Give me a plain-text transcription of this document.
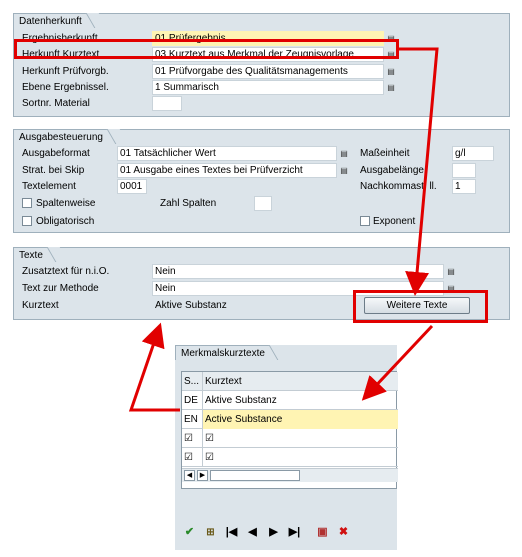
Datenherkunft
Ergebnisherkunft	01 Prüfergebnis	▤
Herkunft Kurztext	03 Kurztext aus Merkmal der Zeugnisvorlage	▤
Herkunft Prüfvorgb.	01 Prüfvorgabe des Qualitätsmanagements	▤
Ebene Ergebnissel.	1 Summarisch	▤
Sortnr. Material
Ausgabesteuerung
Ausgabeformat	01 Tatsächlicher Wert	▤
Strat. bei Skip	01 Ausgabe eines Textes bei Prüfverzicht	▤
Textelement	0001
Spaltenweise	Zahl Spalten
Obligatorisch
Maßeinheit	g/l
Ausgabelänge
Nachkommast  ll.	1
Exponent
Texte
Zusatztext für n.i.O.	Nein	▤
Text zur Methode	Nein	▤
Kurztext	Aktive Substanz	Weitere Texte
Merkmalskurztexte
S... Kurztext
DE Aktive Substanz
EN Active Substance
☑	☑
☑	☑
◀	▶
✔	⊞	|◀ ◀ ▶ ▶| ▣ ✖
